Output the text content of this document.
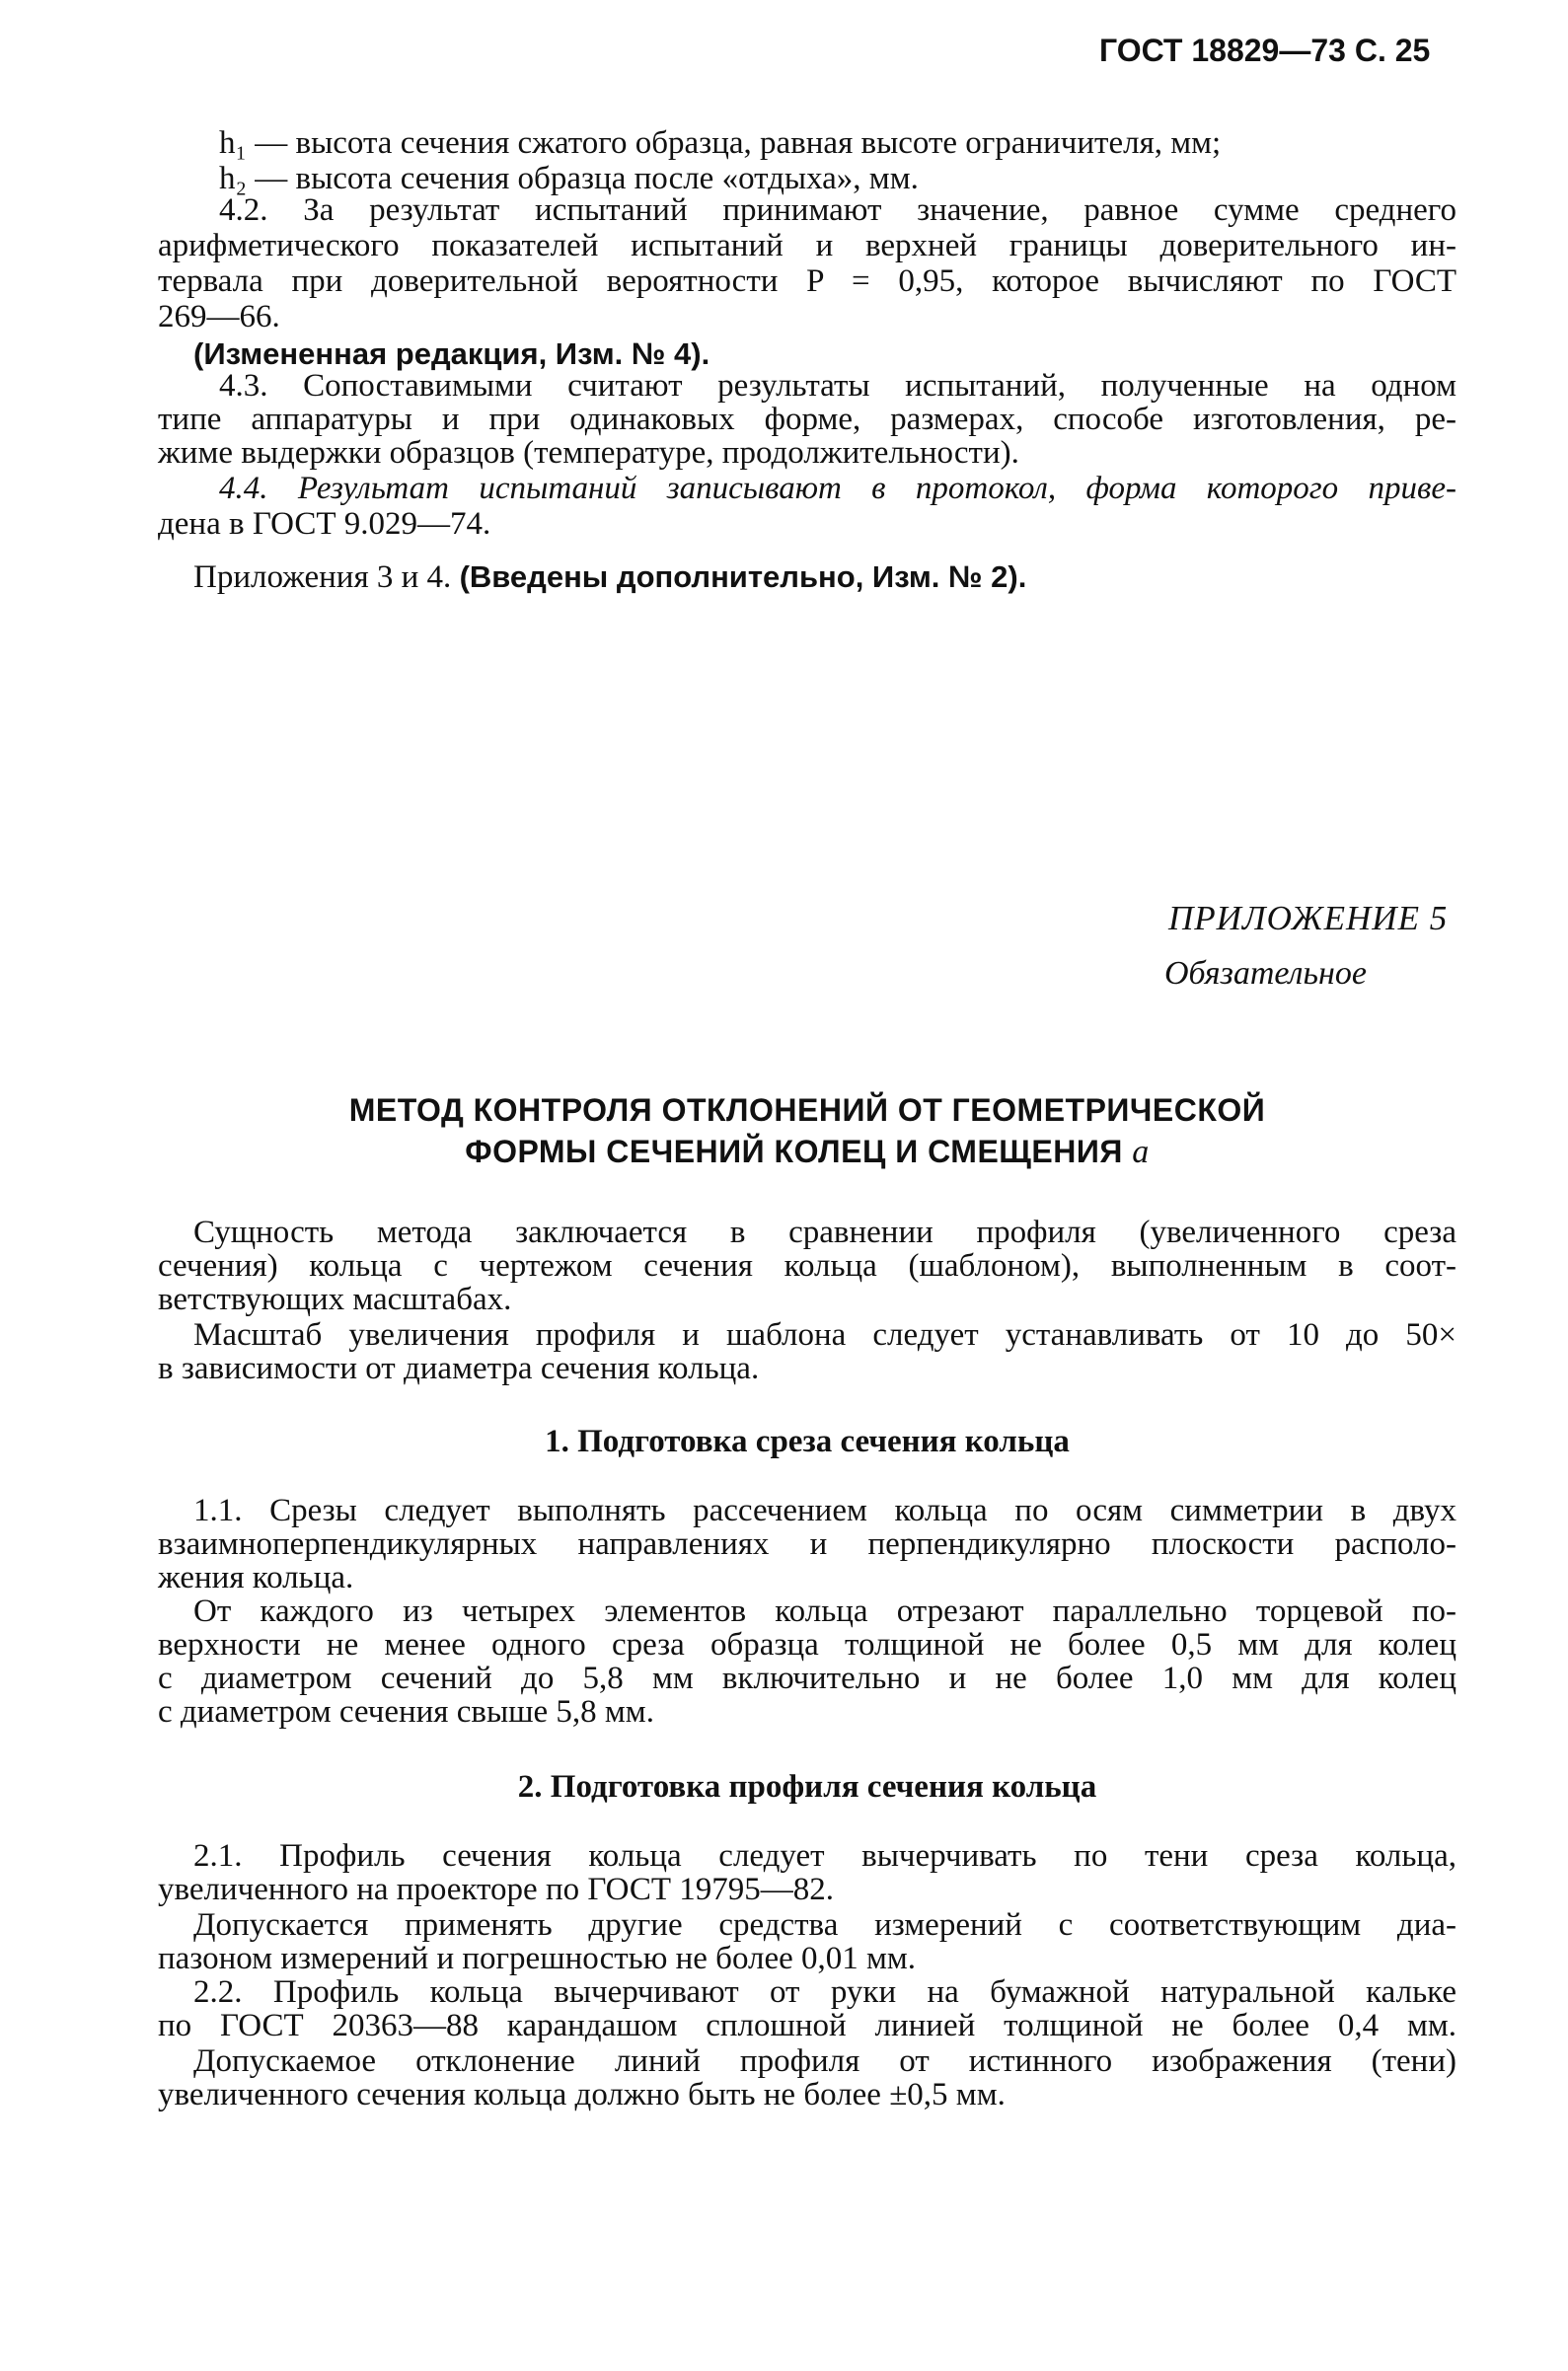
ГОСТ 18829—73 С. 25
h₁ — высота сечения сжатого образца, равная высоте ограничителя, мм;
h₂ — высота сечения образца после «отдыха», мм.
4.2. За результат испытаний принимают значение, равное сумме среднего
арифметического показателей испытаний и верхней границы доверительного ин-
тервала при доверительной вероятности P = 0,95, которое вычисляют по ГОСТ
269—66.
(Измененная редакция, Изм. № 4).
4.3. Сопоставимыми считают результаты испытаний, полученные на одном
типе аппаратуры и при одинаковых форме, размерах, способе изготовления, ре-
жиме выдержки образцов (температуре, продолжительности).
4.4. Результат испытаний записывают в протокол, форма которого приве-
дена в ГОСТ 9.029—74.
Приложения 3 и 4. (Введены дополнительно, Изм. № 2).
ПРИЛОЖЕНИЕ 5
Обязательное
МЕТОД КОНТРОЛЯ ОТКЛОНЕНИЙ ОТ ГЕОМЕТРИЧЕСКОЙ
ФОРМЫ СЕЧЕНИЙ КОЛЕЦ И СМЕЩЕНИЯ a
Сущность метода заключается в сравнении профиля (увеличенного среза
сечения) кольца с чертежом сечения кольца (шаблоном), выполненным в соот-
ветствующих масштабах.
Масштаб увеличения профиля и шаблона следует устанавливать от 10 до 50×
в зависимости от диаметра сечения кольца.
1. Подготовка среза сечения кольца
1.1. Срезы следует выполнять рассечением кольца по осям симметрии в двух
взаимноперпендикулярных направлениях и перпендикулярно плоскости располо-
жения кольца.
От каждого из четырех элементов кольца отрезают параллельно торцевой по-
верхности не менее одного среза образца толщиной не более 0,5 мм для колец
с диаметром сечений до 5,8 мм включительно и не более 1,0 мм для колец
с диаметром сечения свыше 5,8 мм.
2. Подготовка профиля сечения кольца
2.1. Профиль сечения кольца следует вычерчивать по тени среза кольца,
увеличенного на проекторе по ГОСТ 19795—82.
Допускается применять другие средства измерений с соответствующим диа-
пазоном измерений и погрешностью не более 0,01 мм.
2.2. Профиль кольца вычерчивают от руки на бумажной натуральной кальке
по ГОСТ 20363—88 карандашом сплошной линией толщиной не более 0,4 мм.
Допускаемое отклонение линий профиля от истинного изображения (тени)
увеличенного сечения кольца должно быть не более ±0,5 мм.
